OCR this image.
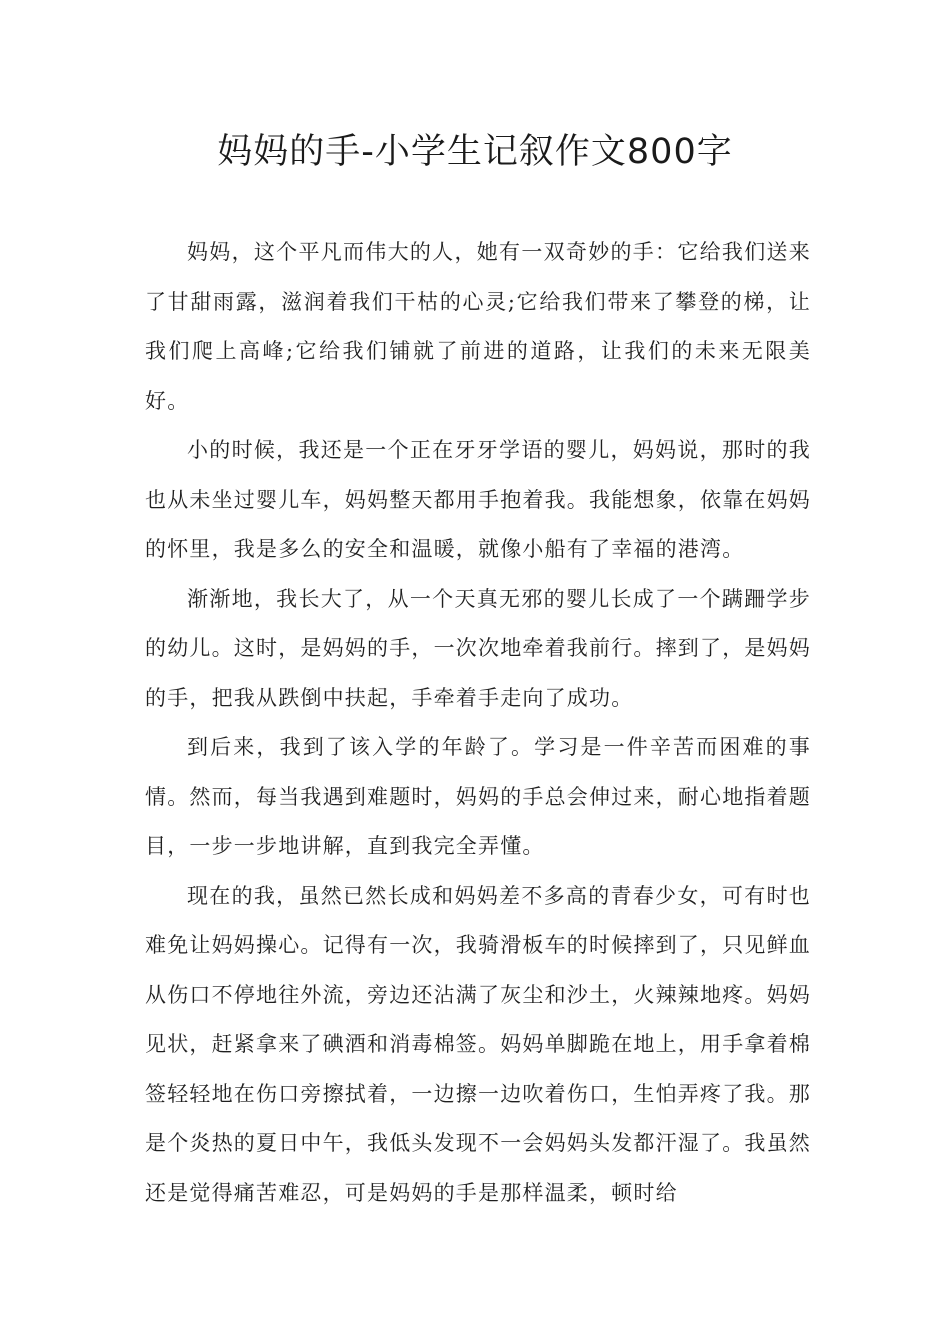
妈妈的手-小学生记叙作文800字

妈妈，这个平凡而伟大的人，她有一双奇妙的手：它给我们送来了甘甜雨露，滋润着我们干枯的心灵;它给我们带来了攀登的梯，让我们爬上高峰;它给我们铺就了前进的道路，让我们的未来无限美好。

小的时候，我还是一个正在牙牙学语的婴儿，妈妈说，那时的我也从未坐过婴儿车，妈妈整天都用手抱着我。我能想象，依靠在妈妈的怀里，我是多么的安全和温暖，就像小船有了幸福的港湾。

渐渐地，我长大了，从一个天真无邪的婴儿长成了一个蹒跚学步的幼儿。这时，是妈妈的手，一次次地牵着我前行。摔到了，是妈妈的手，把我从跌倒中扶起，手牵着手走向了成功。

到后来，我到了该入学的年龄了。学习是一件辛苦而困难的事情。然而，每当我遇到难题时，妈妈的手总会伸过来，耐心地指着题目，一步一步地讲解，直到我完全弄懂。

现在的我，虽然已然长成和妈妈差不多高的青春少女，可有时也难免让妈妈操心。记得有一次，我骑滑板车的时候摔到了，只见鲜血从伤口不停地往外流，旁边还沾满了灰尘和沙土，火辣辣地疼。妈妈见状，赶紧拿来了碘酒和消毒棉签。妈妈单脚跪在地上，用手拿着棉签轻轻地在伤口旁擦拭着，一边擦一边吹着伤口，生怕弄疼了我。那是个炎热的夏日中午，我低头发现不一会妈妈头发都汗湿了。我虽然还是觉得痛苦难忍，可是妈妈的手是那样温柔，顿时给
